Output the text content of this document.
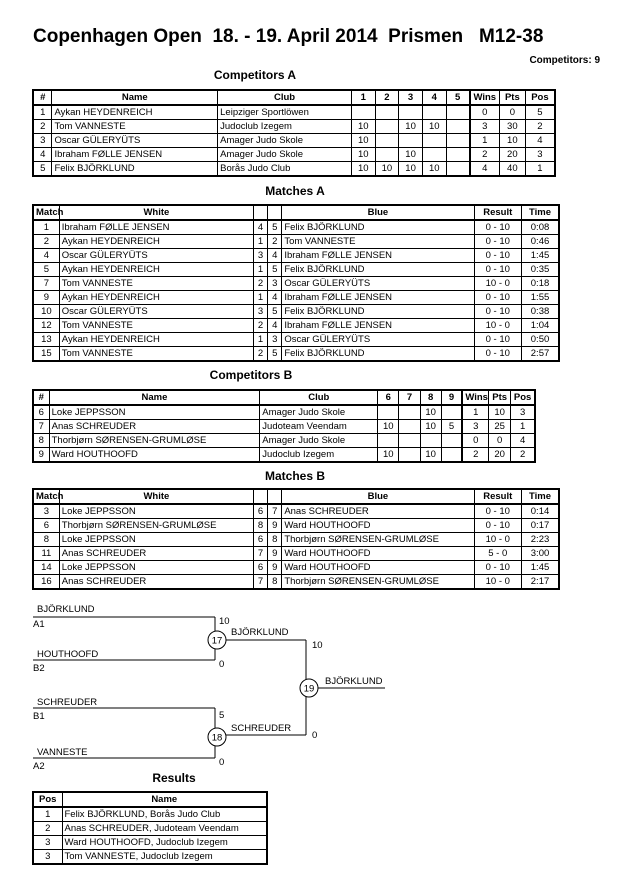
Copenhagen Open 18. - 19. April 2014 Prismen M12-38
Competitors: 9
Competitors A
#	Name	Club	1	2	3	4	5	Wins	Pts	Pos
1	Aykan HEYDENREICH	Leipziger Sportlöwen						0	0	5
2	Tom VANNESTE	Judoclub Izegem	10		10	10		3	30	2
3	Oscar GÜLERYÜTS	Amager Judo Skole	10					1	10	4
4	Ibraham FØLLE JENSEN	Amager Judo Skole	10		10			2	20	3
5	Felix BJÖRKLUND	Borås Judo Club	10	10	10	10		4	40	1
Matches A
Match	White			Blue	Result	Time
1	Ibraham FØLLE JENSEN	4	5	Felix BJÖRKLUND	0 - 10	0:08
2	Aykan HEYDENREICH	1	2	Tom VANNESTE	0 - 10	0:46
4	Oscar GÜLERYÜTS	3	4	Ibraham FØLLE JENSEN	0 - 10	1:45
5	Aykan HEYDENREICH	1	5	Felix BJÖRKLUND	0 - 10	0:35
7	Tom VANNESTE	2	3	Oscar GÜLERYÜTS	10 - 0	0:18
9	Aykan HEYDENREICH	1	4	Ibraham FØLLE JENSEN	0 - 10	1:55
10	Oscar GÜLERYÜTS	3	5	Felix BJÖRKLUND	0 - 10	0:38
12	Tom VANNESTE	2	4	Ibraham FØLLE JENSEN	10 - 0	1:04
13	Aykan HEYDENREICH	1	3	Oscar GÜLERYÜTS	0 - 10	0:50
15	Tom VANNESTE	2	5	Felix BJÖRKLUND	0 - 10	2:57
Competitors B
#	Name	Club	6	7	8	9	Wins	Pts	Pos
6	Loke JEPPSSON	Amager Judo Skole			10		1	10	3
7	Anas SCHREUDER	Judoteam Veendam	10		10	5	3	25	1
8	Thorbjørn SØRENSEN-GRUMLØSE	Amager Judo Skole					0	0	4
9	Ward HOUTHOOFD	Judoclub Izegem	10		10		2	20	2
Matches B
Match	White			Blue	Result	Time
3	Loke JEPPSSON	6	7	Anas SCHREUDER	0 - 10	0:14
6	Thorbjørn SØRENSEN-GRUMLØSE	8	9	Ward HOUTHOOFD	0 - 10	0:17
8	Loke JEPPSSON	6	8	Thorbjørn SØRENSEN-GRUMLØSE	10 - 0	2:23
11	Anas SCHREUDER	7	9	Ward HOUTHOOFD	5 - 0	3:00
14	Loke JEPPSSON	6	9	Ward HOUTHOOFD	0 - 10	1:45
16	Anas SCHREUDER	7	8	Thorbjørn SØRENSEN-GRUMLØSE	10 - 0	2:17
17
18
19
BJÖRKLUND
A1	10
HOUTHOOFD
B2	0
BJÖRKLUND
10
SCHREUDER
B1	5
VANNESTE
A2	0
SCHREUDER
0
BJÖRKLUND
Results
Pos	Name
1	Felix BJÖRKLUND, Borås Judo Club
2	Anas SCHREUDER, Judoteam Veendam
3	Ward HOUTHOOFD, Judoclub Izegem
3	Tom VANNESTE, Judoclub Izegem
